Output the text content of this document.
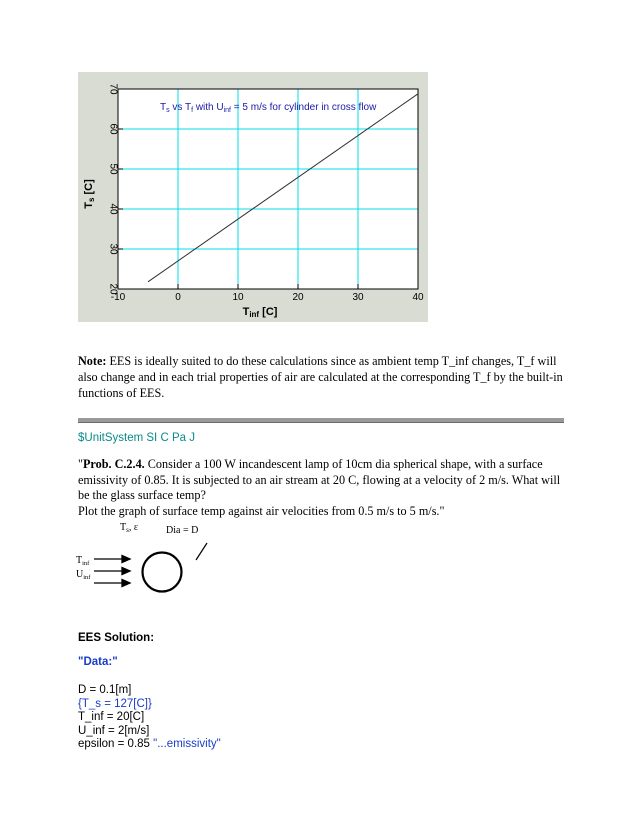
-10	0	10	20	30	40
20
30
40
50
60
70
$T_s$ vs $T_f$ with $U_{inf} = 5$ m/s for cylinder in cross flow
Tinf [C]
Ts [C]
Note: EES is ideally suited to do these calculations since as ambient temp T_inf changes, T_f will also change and in each trial properties of air are calculated at the corresponding T_f by the built-in functions of EES.
$UnitSystem SI C Pa J

"Prob. C.2.4. Consider a 100 W incandescent lamp of 10cm dia spherical shape, with a surface emissivity of 0.85. It is subjected to an air stream at 20 C, flowing at a velocity of 2 m/s. What will be the glass surface temp?

Plot the graph of surface temp against air velocities from 0.5 m/s to 5 m/s."

$T_s$, ε	Dia = D
$T_{inf}$
$U_{inf}$
EES Solution:
"Data:"
D = 0.1[m]
{T_s = 127[C]}
T_inf = 20[C]
U_inf = 2[m/s]
epsilon = 0.85 "...emissivity"
